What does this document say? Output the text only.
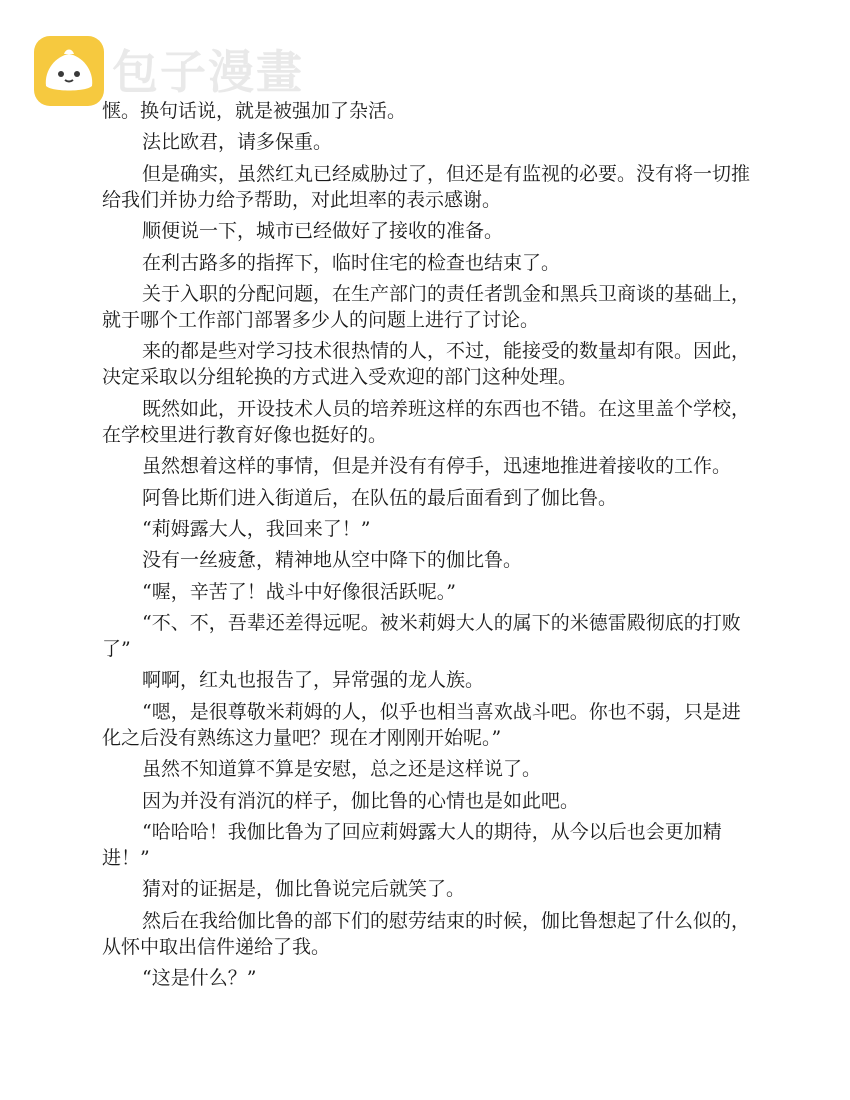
包子漫畫

惬。换句话说，就是被强加了杂活。

法比欧君，请多保重。

但是确实，虽然红丸已经威胁过了，但还是有监视的必要。没有将一切推给我们并协力给予帮助，对此坦率的表示感谢。

顺便说一下，城市已经做好了接收的准备。

在利古路多的指挥下，临时住宅的检查也结束了。

关于入职的分配问题，在生产部门的责任者凯金和黑兵卫商谈的基础上，就于哪个工作部门部署多少人的问题上进行了讨论。

来的都是些对学习技术很热情的人，不过，能接受的数量却有限。因此，决定采取以分组轮换的方式进入受欢迎的部门这种处理。

既然如此，开设技术人员的培养班这样的东西也不错。在这里盖个学校，在学校里进行教育好像也挺好的。

虽然想着这样的事情，但是并没有有停手，迅速地推进着接收的工作。

阿鲁比斯们进入街道后，在队伍的最后面看到了伽比鲁。

“莉姆露大人，我回来了！”

没有一丝疲惫，精神地从空中降下的伽比鲁。

“喔，辛苦了！战斗中好像很活跃呢。”

“不、不，吾辈还差得远呢。被米莉姆大人的属下的米德雷殿彻底的打败了”

啊啊，红丸也报告了，异常强的龙人族。

“嗯，是很尊敬米莉姆的人，似乎也相当喜欢战斗吧。你也不弱，只是进化之后没有熟练这力量吧？现在才刚刚开始呢。”

虽然不知道算不算是安慰，总之还是这样说了。

因为并没有消沉的样子，伽比鲁的心情也是如此吧。

“哈哈哈！我伽比鲁为了回应莉姆露大人的期待，从今以后也会更加精进！”

猜对的证据是，伽比鲁说完后就笑了。

然后在我给伽比鲁的部下们的慰劳结束的时候，伽比鲁想起了什么似的，从怀中取出信件递给了我。

“这是什么？”
